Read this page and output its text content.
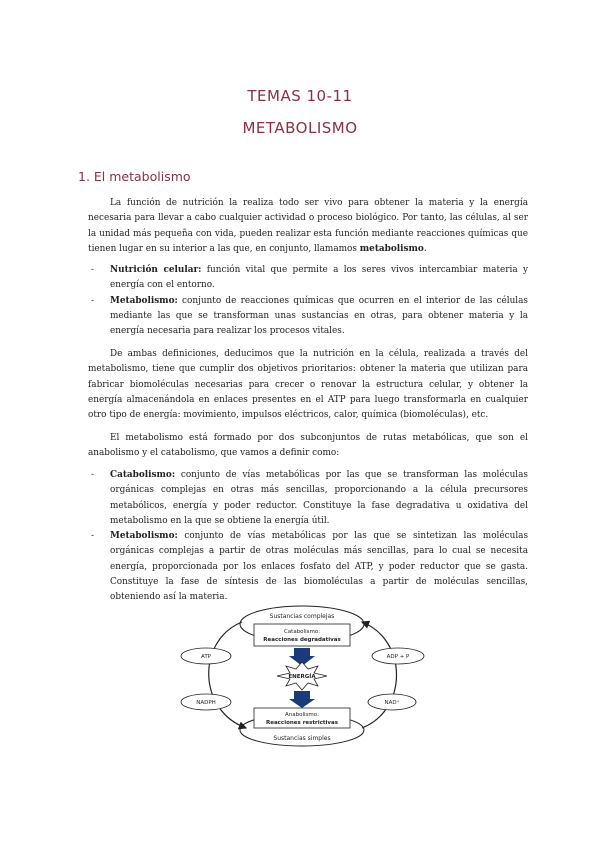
TEMAS 10-11
METABOLISMO
1. El metabolismo

La función de nutrición la realiza todo ser vivo para obtener la materia y la energía necesaria para llevar a cabo cualquier actividad o proceso biológico. Por tanto, las células, al ser la unidad más pequeña con vida, pueden realizar esta función mediante reacciones químicas que tienen lugar en su interior a las que, en conjunto, llamamos metabolismo.

- Nutrición celular: función vital que permite a los seres vivos intercambiar materia y energía con el entorno.
- Metabolismo: conjunto de reacciones químicas que ocurren en el interior de las células mediante las que se transforman unas sustancias en otras, para obtener materia y la energía necesaria para realizar los procesos vitales.

De ambas definiciones, deducimos que la nutrición en la célula, realizada a través del metabolismo, tiene que cumplir dos objetivos prioritarios: obtener la materia que utilizan para fabricar biomoléculas necesarias para crecer o renovar la estructura celular, y obtener la energía almacenándola en enlaces presentes en el ATP para luego transformarla en cualquier otro tipo de energía: movimiento, impulsos eléctricos, calor, química (biomoléculas), etc.

El metabolismo está formado por dos subconjuntos de rutas metabólicas, que son el anabolismo y el catabolismo, que vamos a definir como:

- Catabolismo: conjunto de vías metabólicas por las que se transforman las moléculas orgánicas complejas en otras más sencillas, proporcionando a la célula precursores metabólicos, energía y poder reductor. Constituye la fase degradativa u oxidativa del metabolismo en la que se obtiene la energía útil.
- Metabolismo: conjunto de vías metabólicas por las que se sintetizan las moléculas orgánicas complejas a partir de otras moléculas más sencillas, para lo cual se necesita energía, proporcionada por los enlaces fosfato del ATP, y poder reductor que se gasta. Constituye la fase de síntesis de las biomoléculas a partir de moléculas sencillas, obteniendo así la materia.
Sustancias complejas
Catabolismo:
Reacciones degradativas
ENERGÍA
Anabolismo:
Reacciones restrictivas
Sustancias simples
ATP
NADPH
ADP + P
NAD⁺
